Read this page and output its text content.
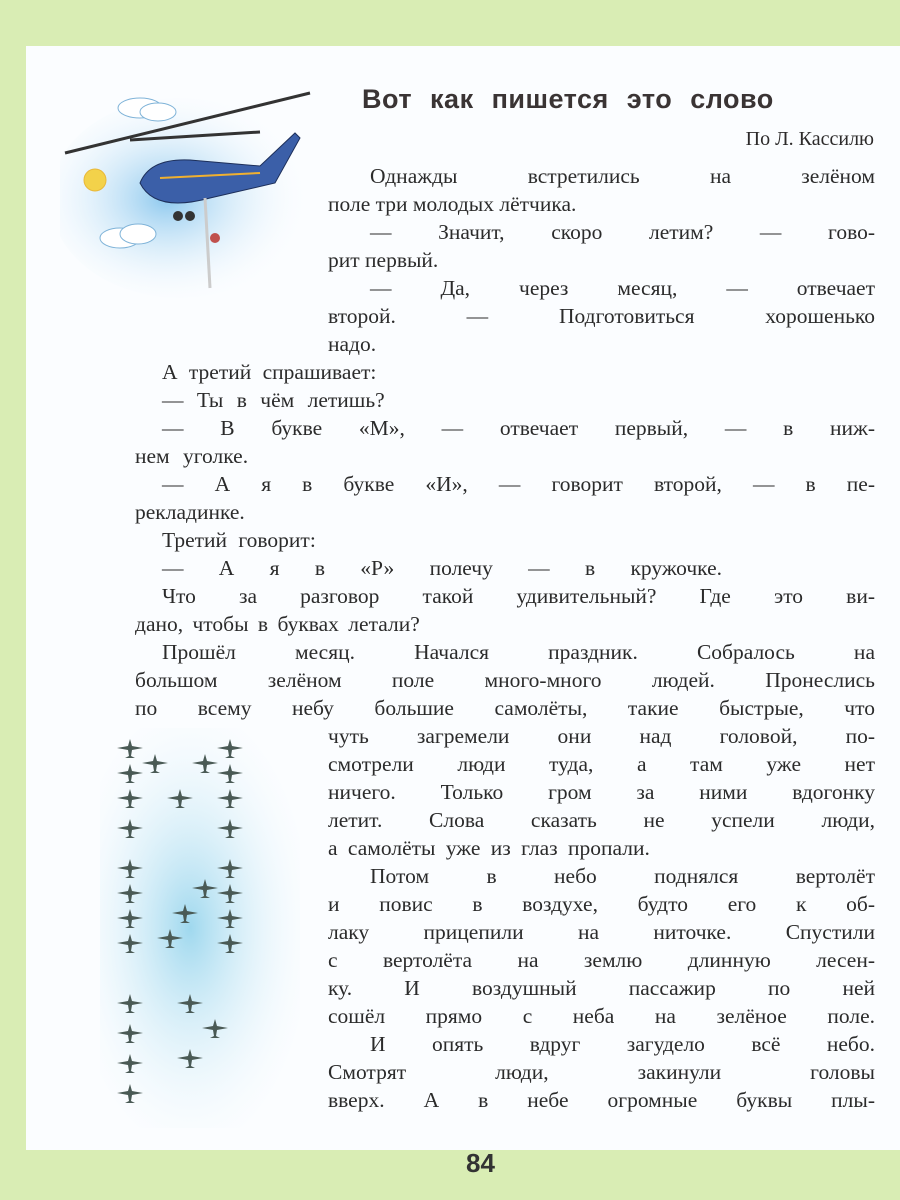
Вот как пишется это слово
По Л. Кассилю
Однажды встретились на зелёном
поле три молодых лётчика.
— Значит, скоро летим? — гово-
рит первый.
— Да, через месяц, — отвечает
второй. — Подготовиться хорошенько
надо.
А третий спрашивает:
— Ты в чём летишь?
— В букве «М», — отвечает первый, — в ниж-
нем уголке.
— А я в букве «И», — говорит второй, — в пе-
рекладинке.
Третий говорит:
— А я в «Р» полечу — в кружочке.
Что за разговор такой удивительный? Где это ви-
дано, чтобы в буквах летали?
Прошёл месяц. Начался праздник. Собралось на
большом зелёном поле много-много людей. Пронеслись
по всему небу большие самолёты, такие быстрые, что
чуть загремели они над головой, по-
смотрели люди туда, а там уже нет
ничего. Только гром за ними вдогонку
летит. Слова сказать не успели люди,
а самолёты уже из глаз пропали.
Потом в небо поднялся вертолёт
и повис в воздухе, будто его к об-
лаку прицепили на ниточке. Спустили
с вертолёта на землю длинную лесен-
ку. И воздушный пассажир по ней
сошёл прямо с неба на зелёное поле.
И опять вдруг загудело всё небо.
Смотрят люди, закинули головы
вверх. А в небе огромные буквы плы-
84
